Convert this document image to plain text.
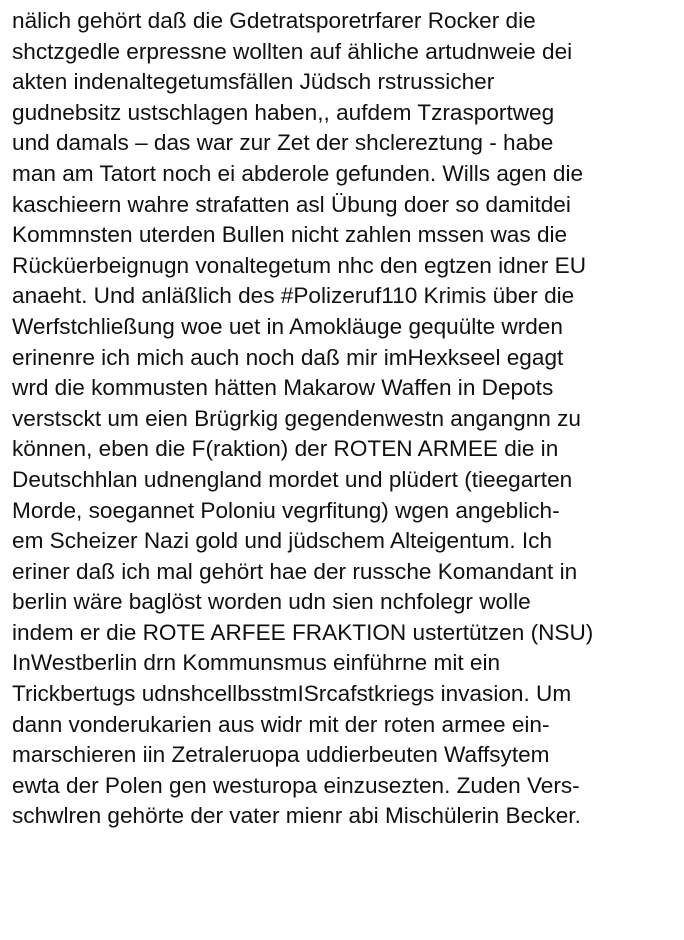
nälich gehört daß die Gdetratsporetrfarer Rocker die
shctzgedle erpressne wollten auf ähliche artudnweie dei
akten indenaltegetumsfällen Jüdsch rstrussicher
gudnebsitz ustschlagen haben,, aufdem Tzrasportweg
und damals – das war zur Zet der shclereztung - habe
man am Tatort noch ei abderole gefunden. Wills agen die
kaschieern wahre strafatten asl Übung doer so damitdei
Kommnsten uterden Bullen nicht zahlen mssen was die
Rücküerbeignugn vonaltegetum nhc den egtzen idner EU
anaeht. Und anläßlich des #Polizeruf110 Krimis über die
Werfstchließung woe uet in Amokläuge gequülte wrden
erinenre ich mich auch noch daß mir imHexkseel egagt
wrd die kommusten hätten Makarow Waffen in Depots
verstsckt um eien Brügrkig gegendenwestn angangnn zu
können, eben die F(raktion) der ROTEN ARMEE die in
Deutschhlan udnengland mordet und plüdert (tieegarten
Morde, soegannet Poloniu vegrfitung) wgen angeblich-
em Scheizer Nazi gold und jüdschem Alteigentum. Ich
eriner daß ich mal gehört hae der russche Komandant in
berlin wäre baglöst worden udn sien nchfolegr wolle
indem er die ROTE ARFEE FRAKTION ustertützen (NSU)
InWestberlin drn Kommunsmus einführne mit ein
Trickbertugs udnshcellbsstmISrcafstkriegs invasion. Um
dann vonderukarien aus widr mit der roten armee ein-
marschieren iin Zetraleruopa uddierbeuten Waffsytem
ewta der Polen gen westuropa einzusezten. Zuden Vers-
schwlren gehörte der vater mienr abi Mischülerin Becker.
